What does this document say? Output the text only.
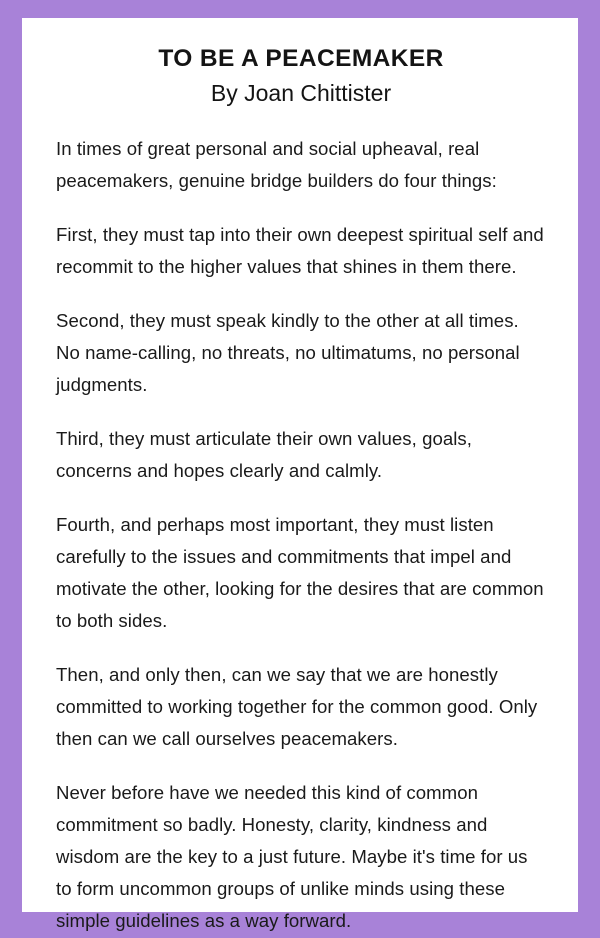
TO BE A PEACEMAKER
By Joan Chittister

In times of great personal and social upheaval, real peacemakers, genuine bridge builders do four things:

First, they must tap into their own deepest spiritual self and recommit to the higher values that shines in them there.

Second, they must speak kindly to the other at all times. No name-calling, no threats, no ultimatums, no personal judgments.

Third, they must articulate their own values, goals, concerns and hopes clearly and calmly.

Fourth, and perhaps most important, they must listen carefully to the issues and commitments that impel and motivate the other, looking for the desires that are common to both sides.

Then, and only then, can we say that we are honestly committed to working together for the common good. Only then can we call ourselves peacemakers.

Never before have we needed this kind of common commitment so badly. Honesty, clarity, kindness and wisdom are the key to a just future. Maybe it's time for us to form uncommon groups of unlike minds using these simple guidelines as a way forward.
